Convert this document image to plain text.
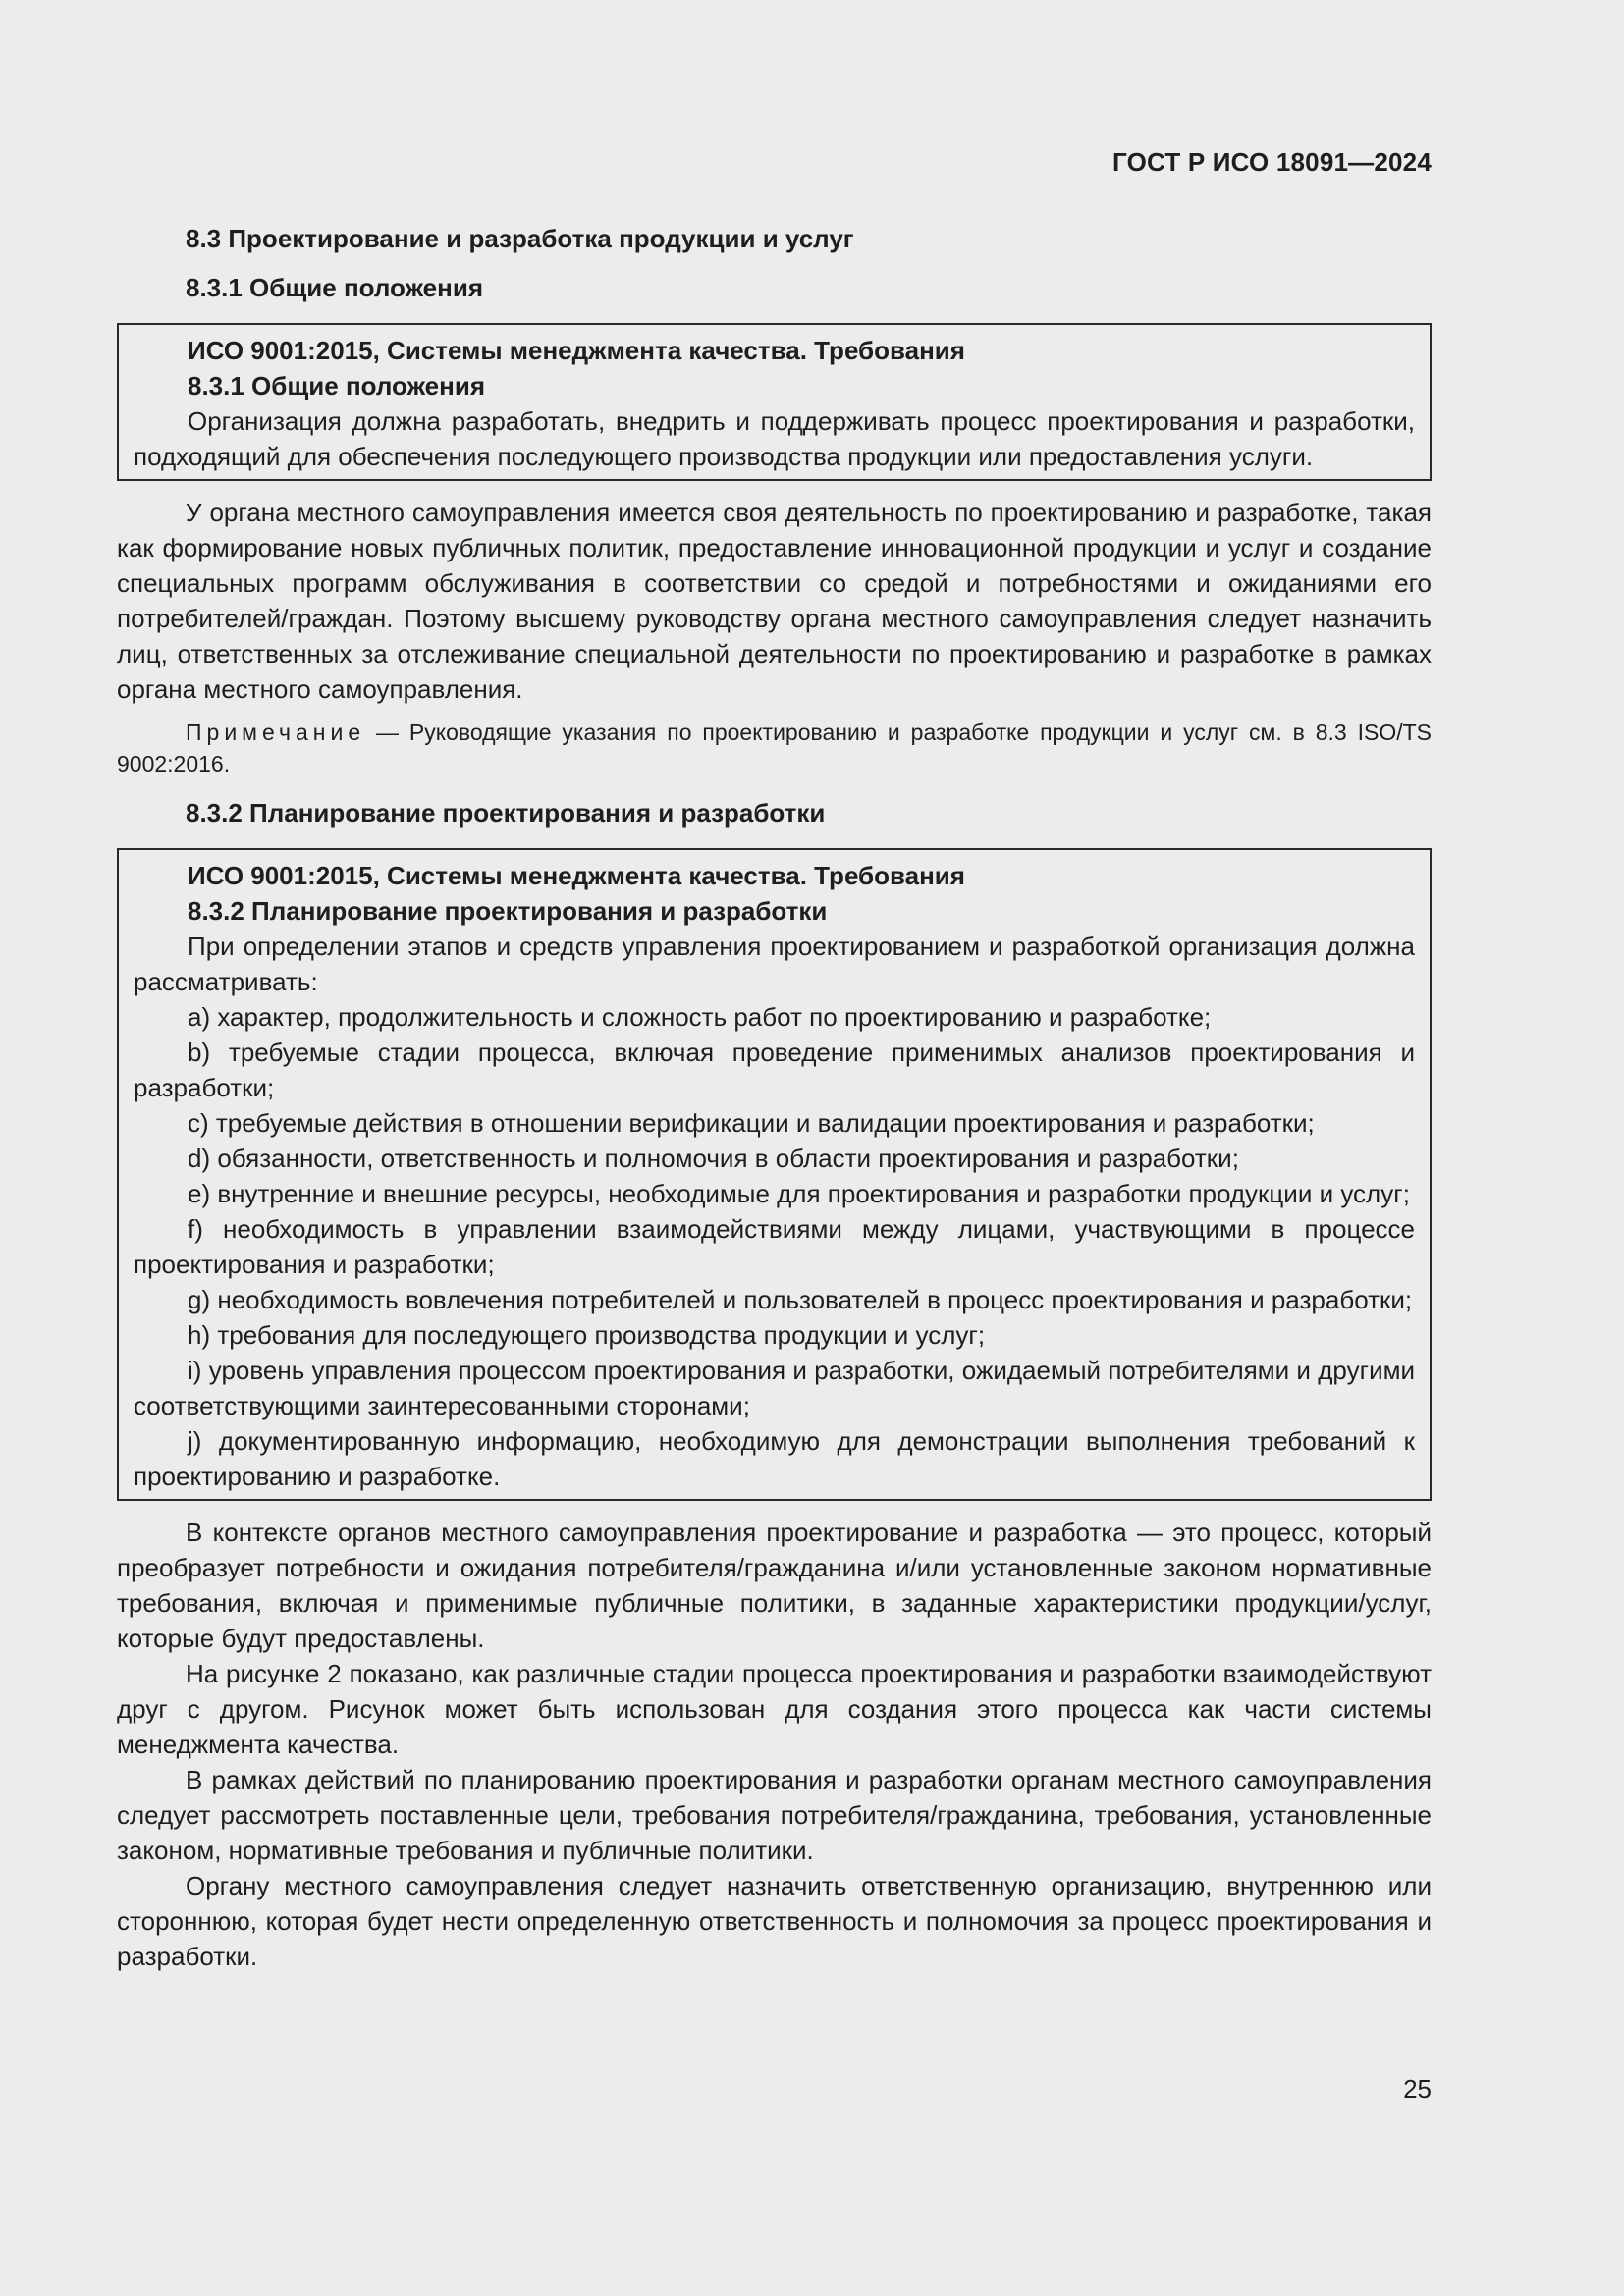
ГОСТ Р ИСО 18091—2024
8.3 Проектирование и разработка продукции и услуг
8.3.1 Общие положения
ИСО 9001:2015, Системы менеджмента качества. Требования
8.3.1 Общие положения

Организация должна разработать, внедрить и поддерживать процесс проектирования и разработки, подходящий для обеспечения последующего производства продукции или предоставления услуги.

У органа местного самоуправления имеется своя деятельность по проектированию и разработке, такая как формирование новых публичных политик, предоставление инновационной продукции и услуг и создание специальных программ обслуживания в соответствии со средой и потребностями и ожиданиями его потребителей/граждан. Поэтому высшему руководству органа местного самоуправления следует назначить лиц, ответственных за отслеживание специальной деятельности по проектированию и разработке в рамках органа местного самоуправления.

Примечание — Руководящие указания по проектированию и разработке продукции и услуг см. в 8.3 ISO/TS 9002:2016.
8.3.2 Планирование проектирования и разработки
ИСО 9001:2015, Системы менеджмента качества. Требования
8.3.2 Планирование проектирования и разработки

При определении этапов и средств управления проектированием и разработкой организация должна рассматривать:

a) характер, продолжительность и сложность работ по проектированию и разработке;

b) требуемые стадии процесса, включая проведение применимых анализов проектирования и разработки;

c) требуемые действия в отношении верификации и валидации проектирования и разработки;

d) обязанности, ответственность и полномочия в области проектирования и разработки;

e) внутренние и внешние ресурсы, необходимые для проектирования и разработки продукции и услуг;

f) необходимость в управлении взаимодействиями между лицами, участвующими в процессе проектирования и разработки;

g) необходимость вовлечения потребителей и пользователей в процесс проектирования и разработки;

h) требования для последующего производства продукции и услуг;

i) уровень управления процессом проектирования и разработки, ожидаемый потребителями и другими соответствующими заинтересованными сторонами;

j) документированную информацию, необходимую для демонстрации выполнения требований к проектированию и разработке.

В контексте органов местного самоуправления проектирование и разработка — это процесс, который преобразует потребности и ожидания потребителя/гражданина и/или установленные законом нормативные требования, включая и применимые публичные политики, в заданные характеристики продукции/услуг, которые будут предоставлены.

На рисунке 2 показано, как различные стадии процесса проектирования и разработки взаимодействуют друг с другом. Рисунок может быть использован для создания этого процесса как части системы менеджмента качества.

В рамках действий по планированию проектирования и разработки органам местного самоуправления следует рассмотреть поставленные цели, требования потребителя/гражданина, требования, установленные законом, нормативные требования и публичные политики.

Органу местного самоуправления следует назначить ответственную организацию, внутреннюю или стороннюю, которая будет нести определенную ответственность и полномочия за процесс проектирования и разработки.

25
